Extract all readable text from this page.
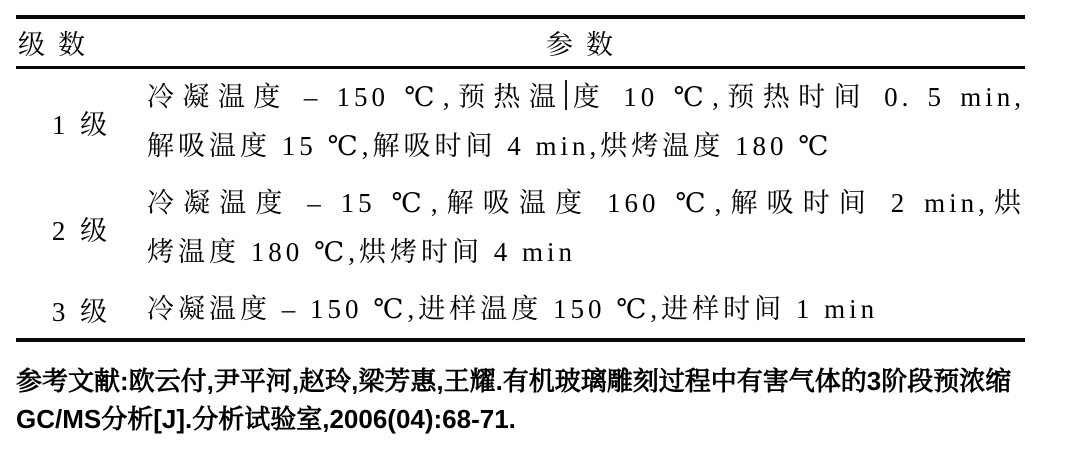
级数	参数
1 级
冷凝温度 – 150 ℃,预热温 度 10 ℃,预热时间 0. 5 min,
解吸温度 15 ℃,解吸时间 4 min,烘烤温度 180 ℃
2 级
冷凝温度 – 15 ℃,解吸温度 160 ℃,解吸时间 2 min,烘
烤温度 180 ℃,烘烤时间 4 min
3 级	冷凝温度 – 150 ℃,进样温度 150 ℃,进样时间 1 min

参考文献:欧云付,尹平河,赵玲,梁芳惠,王耀.有机玻璃雕刻过程中有害气体的3阶段预浓缩GC/MS分析[J].分析试验室,2006(04):68-71.
